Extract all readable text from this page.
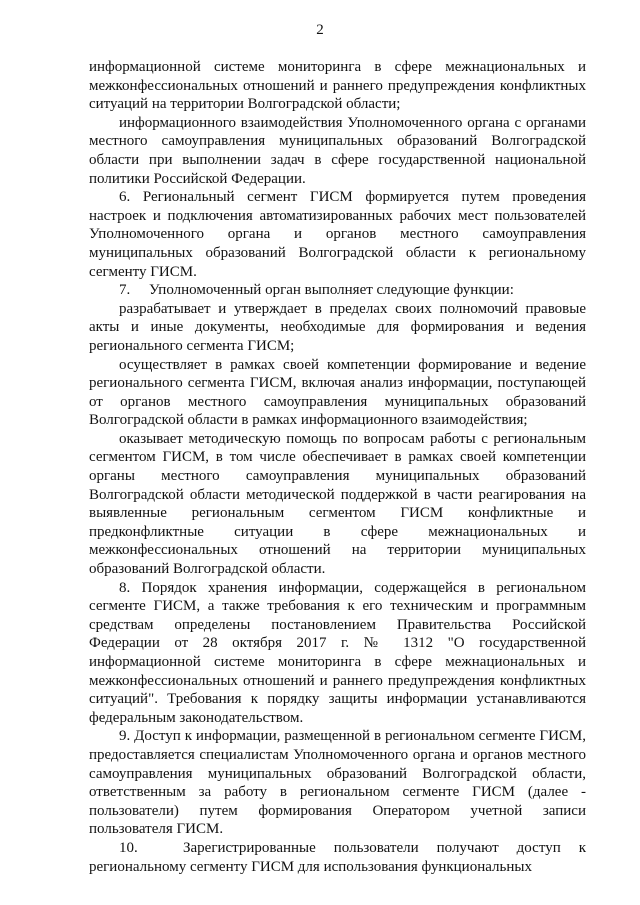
2

информационной системе мониторинга в сфере межнациональных и межконфессиональных отношений и раннего предупреждения конфликтных ситуаций на территории Волгоградской области;

информационного взаимодействия Уполномоченного органа с органами местного самоуправления муниципальных образований Волгоградской области при выполнении задач в сфере государственной национальной политики Российской Федерации.

6. Региональный сегмент ГИСМ формируется путем проведения настроек и подключения автоматизированных рабочих мест пользователей Уполномоченного органа и органов местного самоуправления муниципальных образований Волгоградской области к региональному сегменту ГИСМ.

7.	Уполномоченный орган выполняет следующие функции:

разрабатывает и утверждает в пределах своих полномочий правовые акты и иные документы, необходимые для формирования и ведения регионального сегмента ГИСМ;

осуществляет в рамках своей компетенции формирование и ведение регионального сегмента ГИСМ, включая анализ информации, поступающей от органов местного самоуправления муниципальных образований Волгоградской области в рамках информационного взаимодействия;

оказывает методическую помощь по вопросам работы с региональным сегментом ГИСМ, в том числе обеспечивает в рамках своей компетенции органы местного самоуправления муниципальных образований Волгоградской области методической поддержкой в части реагирования на выявленные региональным сегментом ГИСМ конфликтные и предконфликтные ситуации в сфере межнациональных и межконфессиональных отношений на территории муниципальных образований Волгоградской области.

8. Порядок хранения информации, содержащейся в региональном сегменте ГИСМ, а также требования к его техническим и программным средствам определены постановлением Правительства Российской Федерации от 28 октября 2017 г. № 1312 "О государственной информационной системе мониторинга в сфере межнациональных и межконфессиональных отношений и раннего предупреждения конфликтных ситуаций". Требования к порядку защиты информации устанавливаются федеральным законодательством.

9. Доступ к информации, размещенной в региональном сегменте ГИСМ, предоставляется специалистам Уполномоченного органа и органов местного самоуправления муниципальных образований Волгоградской области, ответственным за работу в региональном сегменте ГИСМ (далее - пользователи) путем формирования Оператором учетной записи пользователя ГИСМ.

10.	Зарегистрированные пользователи получают доступ к региональному сегменту ГИСМ для использования функциональных
